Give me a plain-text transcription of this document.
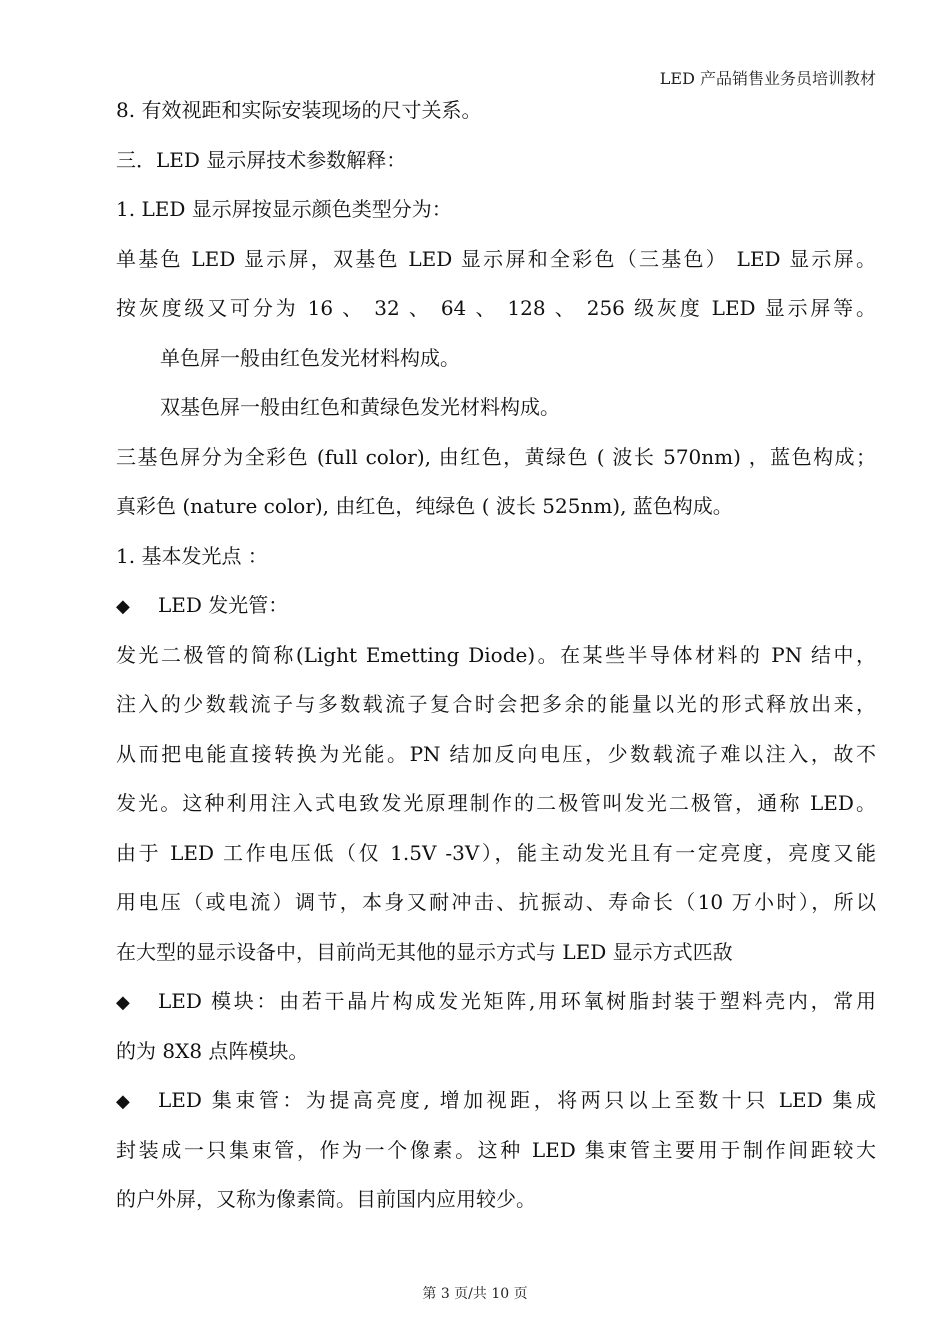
LED 产品销售业务员培训教材
8. 有效视距和实际安装现场的尺寸关系。
三．LED 显示屏技术参数解释：
1. LED 显示屏按显示颜色类型分为：
单基色 LED 显示屏，双基色 LED 显示屏和全彩色（三基色） LED 显示屏。
按灰度级又可分为 16 、 32 、 64 、 128 、 256 级灰度 LED 显示屏等。
单色屏一般由红色发光材料构成。
双基色屏一般由红色和黄绿色发光材料构成。
三基色屏分为全彩色 (full color), 由红色，黄绿色 ( 波长 570nm) ，蓝色构成；
真彩色 (nature color), 由红色，纯绿色 ( 波长 525nm), 蓝色构成。
1. 基本发光点 ：
◆ LED 发光管：
发光二极管的简称(Light Emetting Diode)。在某些半导体材料的 PN 结中，
注入的少数载流子与多数载流子复合时会把多余的能量以光的形式释放出来，
从而把电能直接转换为光能。PN 结加反向电压，少数载流子难以注入，故不
发光。这种利用注入式电致发光原理制作的二极管叫发光二极管，通称 LED。
由于 LED 工作电压低（仅 1.5V -3V），能主动发光且有一定亮度，亮度又能
用电压（或电流）调节，本身又耐冲击、抗振动、寿命长（10 万小时），所以
在大型的显示设备中，目前尚无其他的显示方式与 LED 显示方式匹敌
◆ LED 模块：由若干晶片构成发光矩阵,用环氧树脂封装于塑料壳内，常用
的为 8X8 点阵模块。
◆ LED 集束管：为提高亮度, 增加视距，将两只以上至数十只 LED 集成
封装成一只集束管，作为一个像素。这种 LED 集束管主要用于制作间距较大
的户外屏，又称为像素筒。目前国内应用较少。
第 3 页/共 10 页
